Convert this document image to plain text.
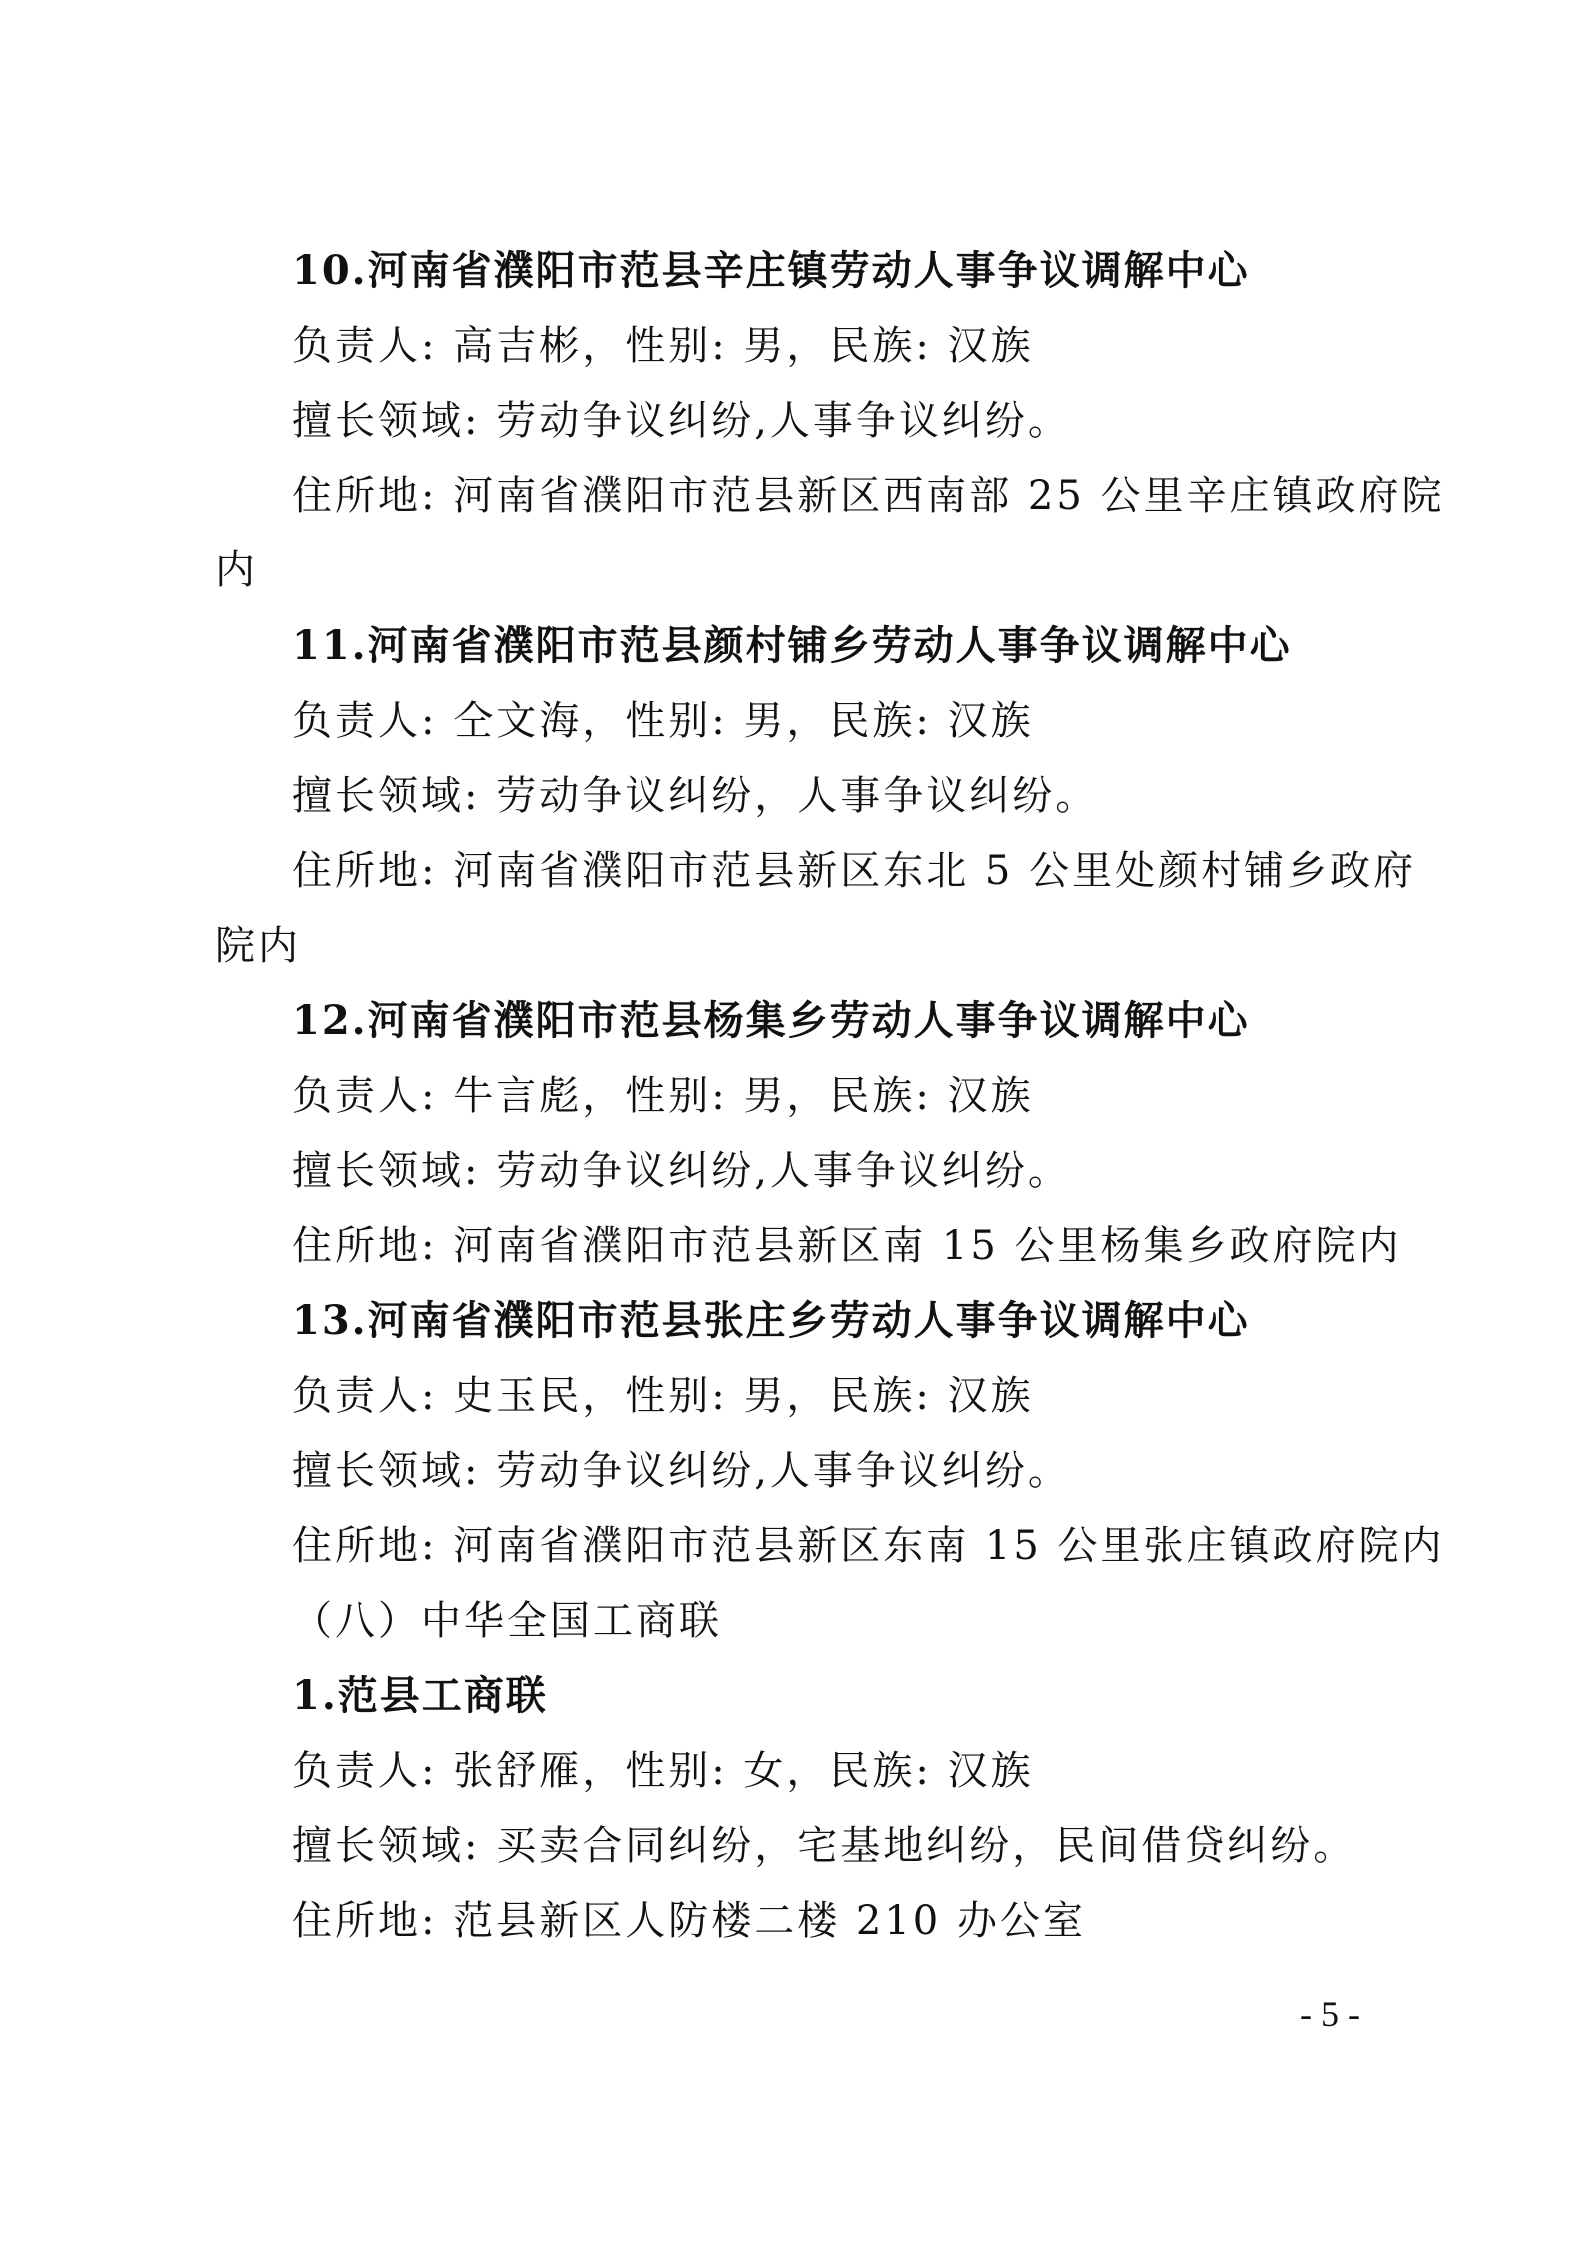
10.河南省濮阳市范县辛庄镇劳动人事争议调解中心
负责人: 高吉彬，性别: 男，民族: 汉族
擅长领域: 劳动争议纠纷,人事争议纠纷。
住所地: 河南省濮阳市范县新区西南部 25 公里辛庄镇政府院
内
11.河南省濮阳市范县颜村铺乡劳动人事争议调解中心
负责人: 仝文海，性别: 男，民族: 汉族
擅长领域: 劳动争议纠纷，人事争议纠纷。
住所地: 河南省濮阳市范县新区东北 5 公里处颜村铺乡政府
院内
12.河南省濮阳市范县杨集乡劳动人事争议调解中心
负责人: 牛言彪，性别: 男，民族: 汉族
擅长领域: 劳动争议纠纷,人事争议纠纷。
住所地: 河南省濮阳市范县新区南 15 公里杨集乡政府院内
13.河南省濮阳市范县张庄乡劳动人事争议调解中心
负责人: 史玉民，性别: 男，民族: 汉族
擅长领域: 劳动争议纠纷,人事争议纠纷。
住所地: 河南省濮阳市范县新区东南 15 公里张庄镇政府院内
（八）中华全国工商联
1.范县工商联
负责人: 张舒雁，性别: 女，民族: 汉族
擅长领域: 买卖合同纠纷，宅基地纠纷，民间借贷纠纷。
住所地: 范县新区人防楼二楼 210 办公室
- 5 -
